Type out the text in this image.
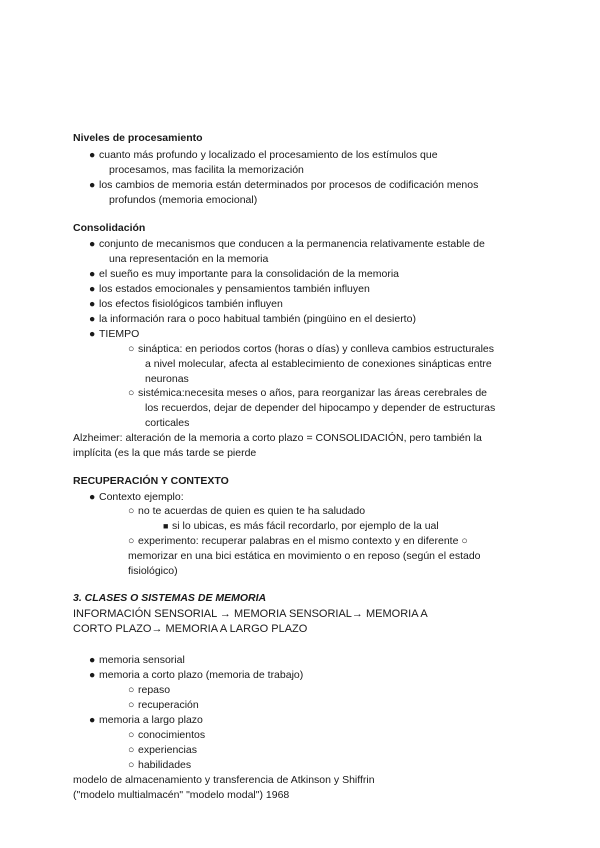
Niveles de procesamiento
● cuanto más profundo y localizado el procesamiento de los estímulos que
procesamos, mas facilita la memorización
● los cambios de memoria están determinados por procesos de codificación menos
profundos (memoria emocional)
Consolidación
● conjunto de mecanismos que conducen a la permanencia relativamente estable de
una representación en la memoria
● el sueño es muy importante para la consolidación de la memoria
● los estados emocionales y pensamientos también influyen
● los efectos fisiológicos también influyen
● la información rara o poco habitual también (pingüino en el desierto)
● TIEMPO
○ sináptica: en periodos cortos (horas o días) y conlleva cambios estructurales
a nivel molecular, afecta al establecimiento de conexiones sinápticas entre
neuronas
○ sistémica:necesita meses o años, para reorganizar las áreas cerebrales de
los recuerdos, dejar de depender del hipocampo y depender de estructuras
corticales
Alzheimer: alteración de la memoria a corto plazo = CONSOLIDACIÓN, pero también la
implícita (es la que más tarde se pierde
RECUPERACIÓN Y CONTEXTO
● Contexto ejemplo:
○ no te acuerdas de quien es quien te ha saludado
■ si lo ubicas, es más fácil recordarlo, por ejemplo de la ual
○ experimento: recuperar palabras en el mismo contexto y en diferente ○
memorizar en una bici estática en movimiento o en reposo (según el estado
fisiológico)
3. CLASES O SISTEMAS DE MEMORIA
INFORMACIÓN SENSORIAL → MEMORIA SENSORIAL→ MEMORIA A
CORTO PLAZO→ MEMORIA A LARGO PLAZO
● memoria sensorial
● memoria a corto plazo (memoria de trabajo)
○ repaso
○ recuperación
● memoria a largo plazo
○ conocimientos
○ experiencias
○ habilidades
modelo de almacenamiento y transferencia de Atkinson y Shiffrin
("modelo multialmacén" "modelo modal") 1968
